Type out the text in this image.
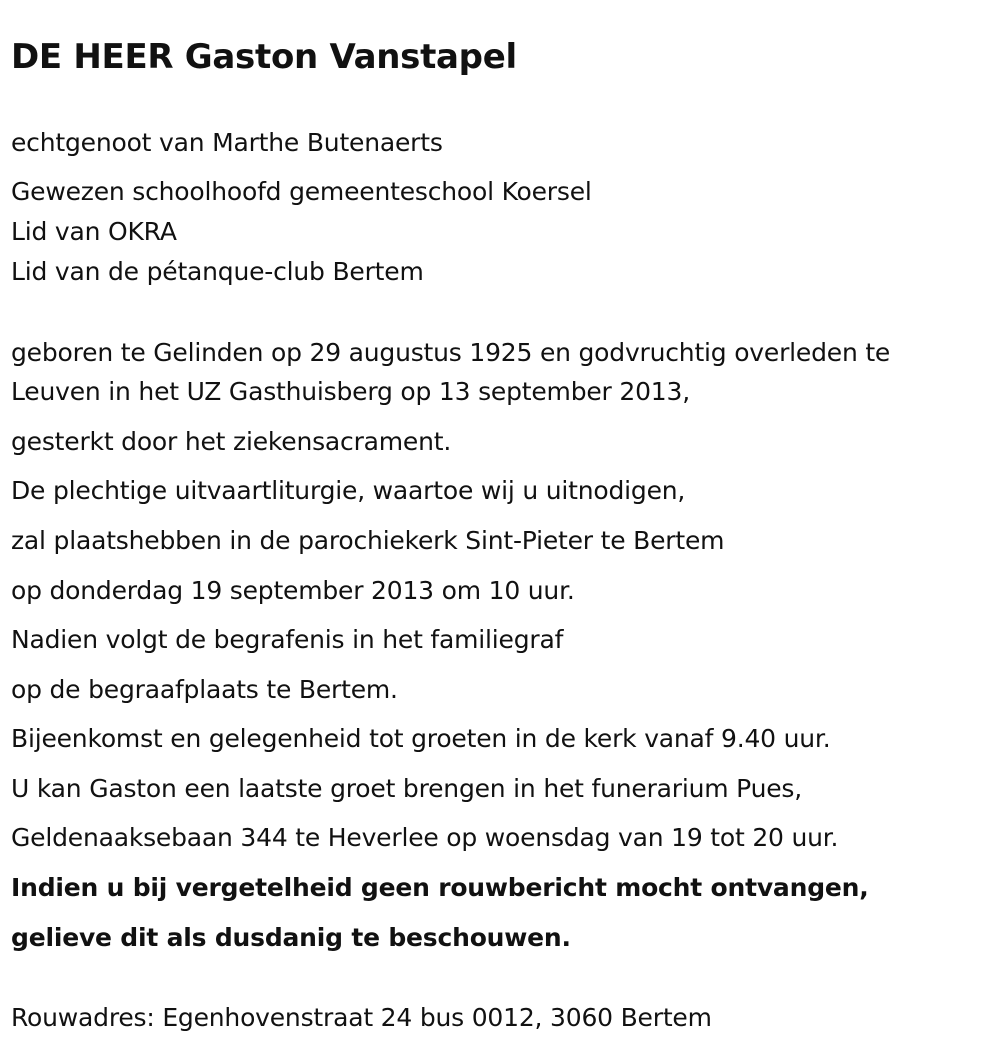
DE HEER Gaston Vanstapel

echtgenoot van Marthe Butenaerts

Gewezen schoolhoofd gemeenteschool Koersel

Lid van OKRA

Lid van de pétanque-club Bertem

geboren te Gelinden op 29 augustus 1925 en godvruchtig overleden te

Leuven in het UZ Gasthuisberg op 13 september 2013,

gesterkt door het ziekensacrament.

De plechtige uitvaartliturgie, waartoe wij u uitnodigen,

zal plaatshebben in de parochiekerk Sint-Pieter te Bertem

op donderdag 19 september 2013 om 10 uur.

Nadien volgt de begrafenis in het familiegraf

op de begraafplaats te Bertem.

Bijeenkomst en gelegenheid tot groeten in de kerk vanaf 9.40 uur.

U kan Gaston een laatste groet brengen in het funerarium Pues,

Geldenaaksebaan 344 te Heverlee op woensdag van 19 tot 20 uur.

Indien u bij vergetelheid geen rouwbericht mocht ontvangen,

gelieve dit als dusdanig te beschouwen.

Rouwadres: Egenhovenstraat 24 bus 0012, 3060 Bertem
